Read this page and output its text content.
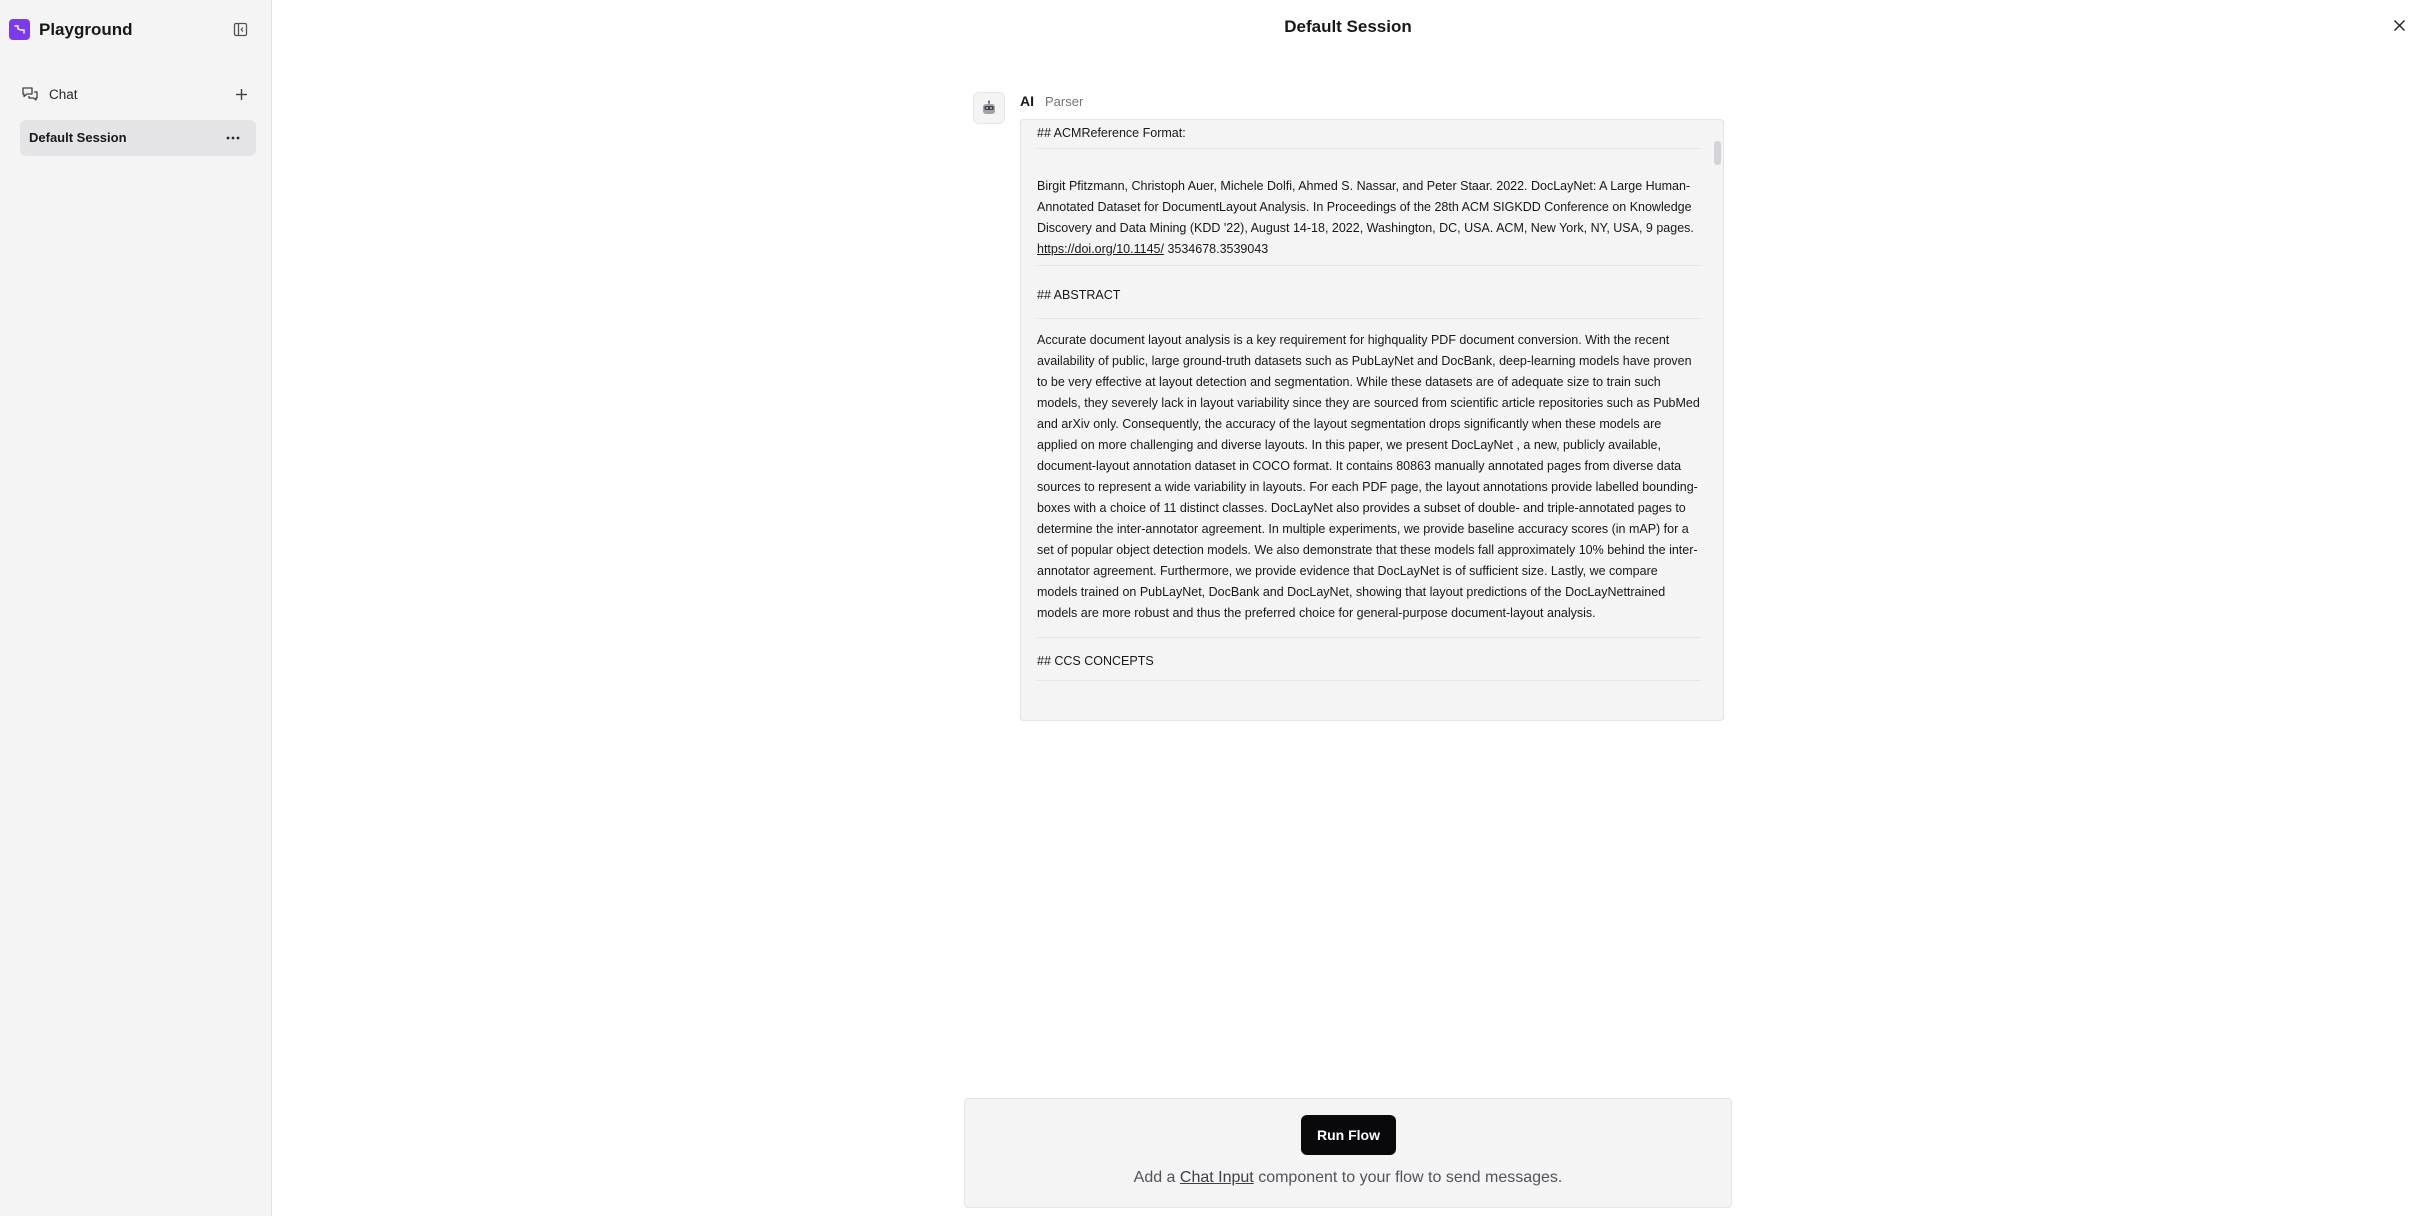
Playground
Chat
Default Session
Default Session
AI Parser

## ACMReference Format:

Birgit Pfitzmann, Christoph Auer, Michele Dolfi, Ahmed S. Nassar, and Peter Staar. 2022. DocLayNet: A Large Human-Annotated Dataset for DocumentLayout Analysis. In Proceedings of the 28th ACM SIGKDD Conference on Knowledge Discovery and Data Mining (KDD '22), August 14-18, 2022, Washington, DC, USA. ACM, New York, NY, USA, 9 pages. https://doi.org/10.1145/ 3534678.3539043

## ABSTRACT

Accurate document layout analysis is a key requirement for highquality PDF document conversion. With the recent availability of public, large ground-truth datasets such as PubLayNet and DocBank, deep-learning models have proven to be very effective at layout detection and segmentation. While these datasets are of adequate size to train such models, they severely lack in layout variability since they are sourced from scientific article repositories such as PubMed and arXiv only. Consequently, the accuracy of the layout segmentation drops significantly when these models are applied on more challenging and diverse layouts. In this paper, we present DocLayNet , a new, publicly available, document-layout annotation dataset in COCO format. It contains 80863 manually annotated pages from diverse data sources to represent a wide variability in layouts. For each PDF page, the layout annotations provide labelled bounding-boxes with a choice of 11 distinct classes. DocLayNet also provides a subset of double- and triple-annotated pages to determine the inter-annotator agreement. In multiple experiments, we provide baseline accuracy scores (in mAP) for a set of popular object detection models. We also demonstrate that these models fall approximately 10% behind the inter-annotator agreement. Furthermore, we provide evidence that DocLayNet is of sufficient size. Lastly, we compare models trained on PubLayNet, DocBank and DocLayNet, showing that layout predictions of the DocLayNettrained models are more robust and thus the preferred choice for general-purpose document-layout analysis.

## CCS CONCEPTS

Run Flow
Add a Chat Input component to your flow to send messages.
